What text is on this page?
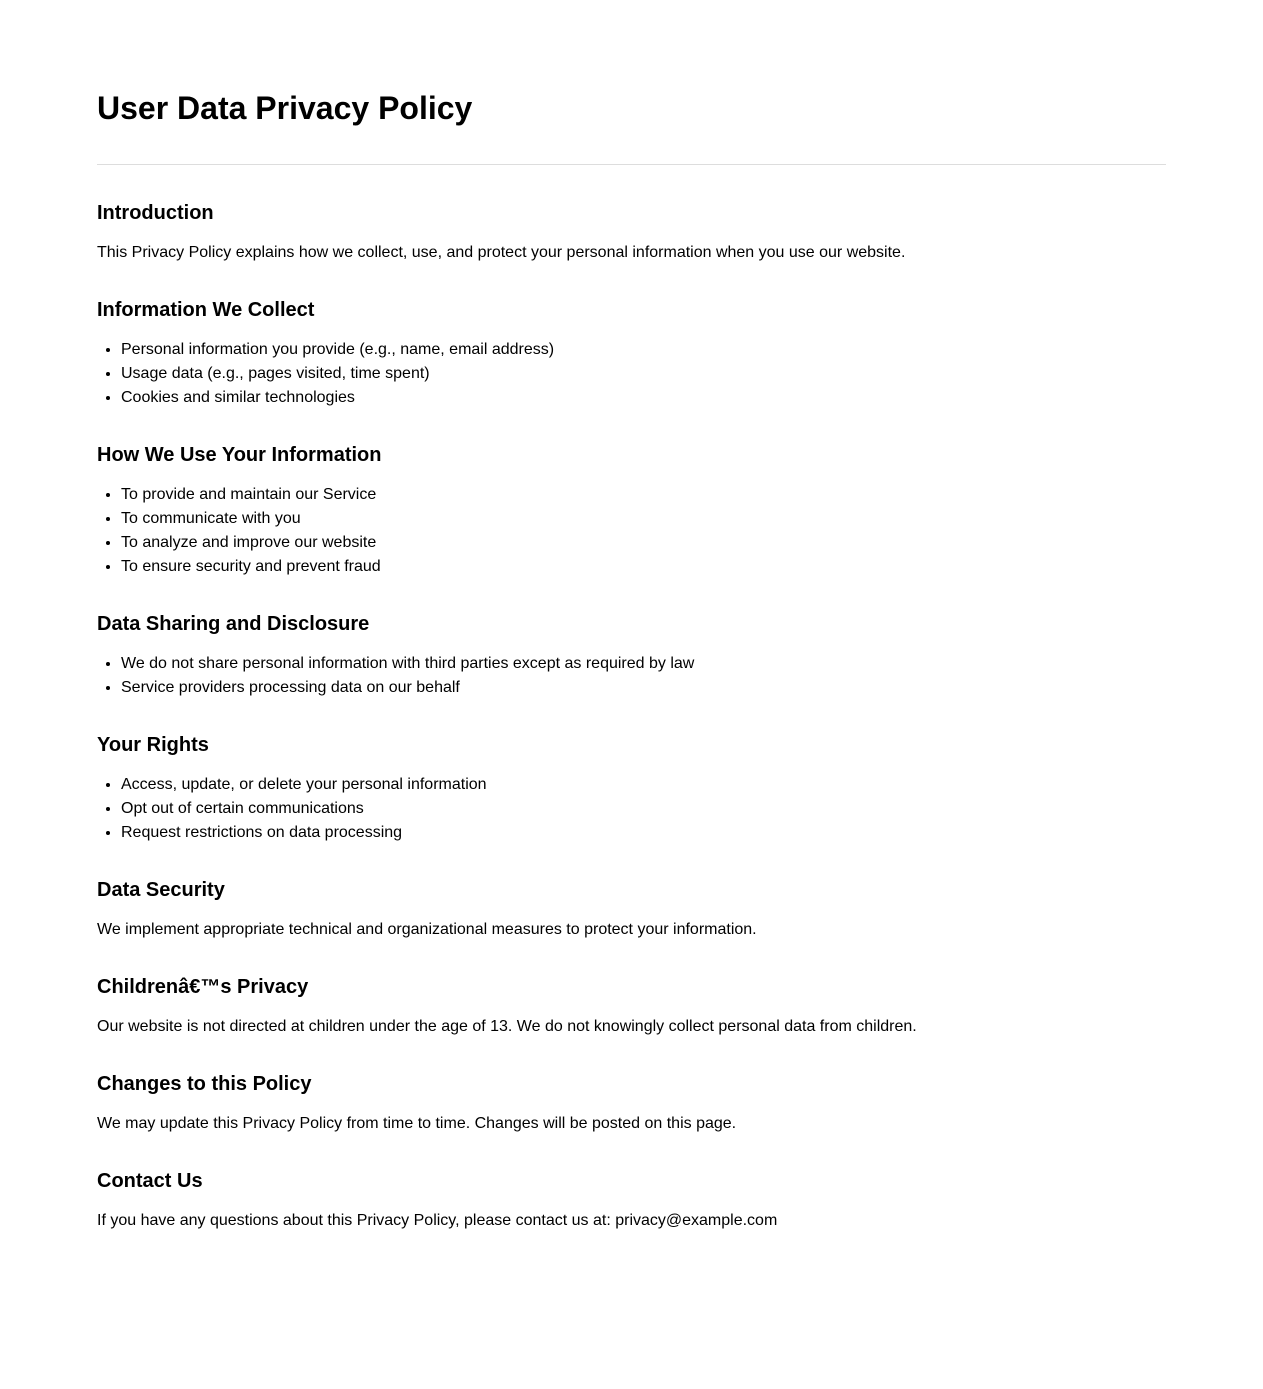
User Data Privacy Policy
Introduction

This Privacy Policy explains how we collect, use, and protect your personal information when you use our website.

Information We Collect
• Personal information you provide (e.g., name, email address)
• Usage data (e.g., pages visited, time spent)
• Cookies and similar technologies
How We Use Your Information
• To provide and maintain our Service
• To communicate with you
• To analyze and improve our website
• To ensure security and prevent fraud
Data Sharing and Disclosure
• We do not share personal information with third parties except as required by law
• Service providers processing data on our behalf
Your Rights
• Access, update, or delete your personal information
• Opt out of certain communications
• Request restrictions on data processing
Data Security

We implement appropriate technical and organizational measures to protect your information.

Childrenâ€™s Privacy

Our website is not directed at children under the age of 13. We do not knowingly collect personal data from children.

Changes to this Policy

We may update this Privacy Policy from time to time. Changes will be posted on this page.

Contact Us

If you have any questions about this Privacy Policy, please contact us at: privacy@example.com
